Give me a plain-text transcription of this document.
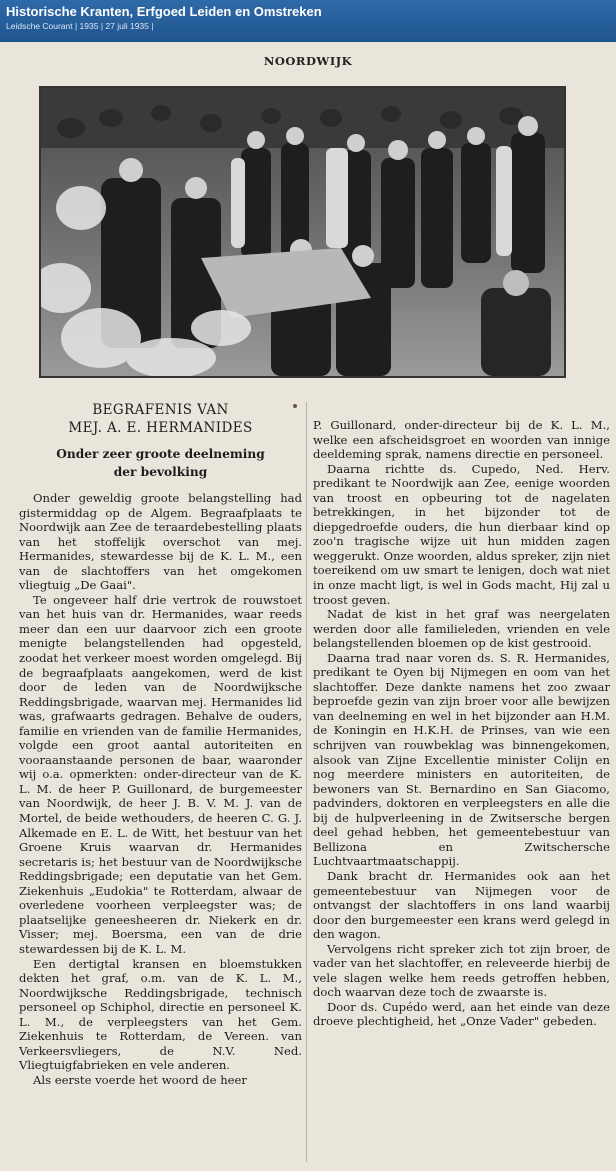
Historische Kranten, Erfgoed Leiden en Omstreken
Leidsche Courant | 1935 | 27 juli 1935 |
NOORDWIJK
BEGRAFENIS VAN
MEJ. A. E. HERMANIDES
Onder zeer groote deelneming
der bevolking

Onder geweldig groote belangstelling had gistermiddag op de Algem. Begraafplaats te Noordwijk aan Zee de teraardebestelling plaats van het stoffelijk overschot van mej. Hermanides, stewardesse bij de K. L. M., een van de slachtoffers van het omgekomen vliegtuig „De Gaai".

Te ongeveer half drie vertrok de rouwstoet van het huis van dr. Hermanides, waar reeds meer dan een uur daarvoor zich een groote menigte belangstellenden had opgesteld, zoodat het verkeer moest worden omgelegd. Bij de begraafplaats aangekomen, werd de kist door de leden van de Noordwijksche Reddingsbrigade, waarvan mej. Hermanides lid was, grafwaarts gedragen. Behalve de ouders, familie en vrienden van de familie Hermanides, volgde een groot aantal autoriteiten en vooraanstaande personen de baar, waaronder wij o.a. opmerkten: onder-directeur van de K. L. M. de heer P. Guillonard, de burgemeester van Noordwijk, de heer J. B. V. M. J. van de Mortel, de beide wethouders, de heeren C. G. J. Alkemade en E. L. de Witt, het bestuur van het Groene Kruis waarvan dr. Hermanides secretaris is; het bestuur van de Noordwijksche Reddingsbrigade; een deputatie van het Gem. Ziekenhuis „Eudokia" te Rotterdam, alwaar de overledene voorheen verpleegster was; de plaatselijke geneesheeren dr. Niekerk en dr. Visser; mej. Boersma, een van de drie stewardessen bij de K. L. M.

Een dertigtal kransen en bloemstukken dekten het graf, o.m. van de K. L. M., Noordwijksche Reddingsbrigade, technisch personeel op Schiphol, directie en personeel K. L. M., de verpleegsters van het Gem. Ziekenhuis te Rotterdam, de Vereen. van Verkeersvliegers, de N.V. Ned. Vliegtuigfabrieken en vele anderen.

Als eerste voerde het woord de heer

P. Guillonard, onder-directeur bij de K. L. M., welke een afscheidsgroet en woorden van innige deeldeming sprak, namens directie en personeel.

Daarna richtte ds. Cupedo, Ned. Herv. predikant te Noordwijk aan Zee, eenige woorden van troost en opbeuring tot de nagelaten betrekkingen, in het bijzonder tot de diepgedroefde ouders, die hun dierbaar kind op zoo'n tragische wijze uit hun midden zagen weggerukt. Onze woorden, aldus spreker, zijn niet toereikend om uw smart te lenigen, doch wat niet in onze macht ligt, is wel in Gods macht, Hij zal u troost geven.

Nadat de kist in het graf was neergelaten werden door alle familieleden, vrienden en vele belangstellenden bloemen op de kist gestrooid.

Daarna trad naar voren ds. S. R. Hermanides, predikant te Oyen bij Nijmegen en oom van het slachtoffer. Deze dankte namens het zoo zwaar beproefde gezin van zijn broer voor alle bewijzen van deelneming en wel in het bijzonder aan H.M. de Koningin en H.K.H. de Prinses, van wie een schrijven van rouwbeklag was binnengekomen, alsook van Zijne Excellentie minister Colijn en nog meerdere ministers en autoriteiten, de bewoners van St. Bernardino en San Giacomo, padvinders, doktoren en verpleegsters en alle die bij de hulpverleening in de Zwitsersche bergen deel gehad hebben, het gemeentebestuur van Bellizona en Zwitschersche Luchtvaartmaatschappij.

Dank bracht dr. Hermanides ook aan het gemeentebestuur van Nijmegen voor de ontvangst der slachtoffers in ons land waarbij door den burgemeester een krans werd gelegd in den wagon.

Vervolgens richt spreker zich tot zijn broer, de vader van het slachtoffer, en releveerde hierbij de vele slagen welke hem reeds getroffen hebben, doch waarvan deze toch de zwaarste is.

Door ds. Cupédo werd, aan het einde van deze droeve plechtigheid, het „Onze Vader" gebeden.
